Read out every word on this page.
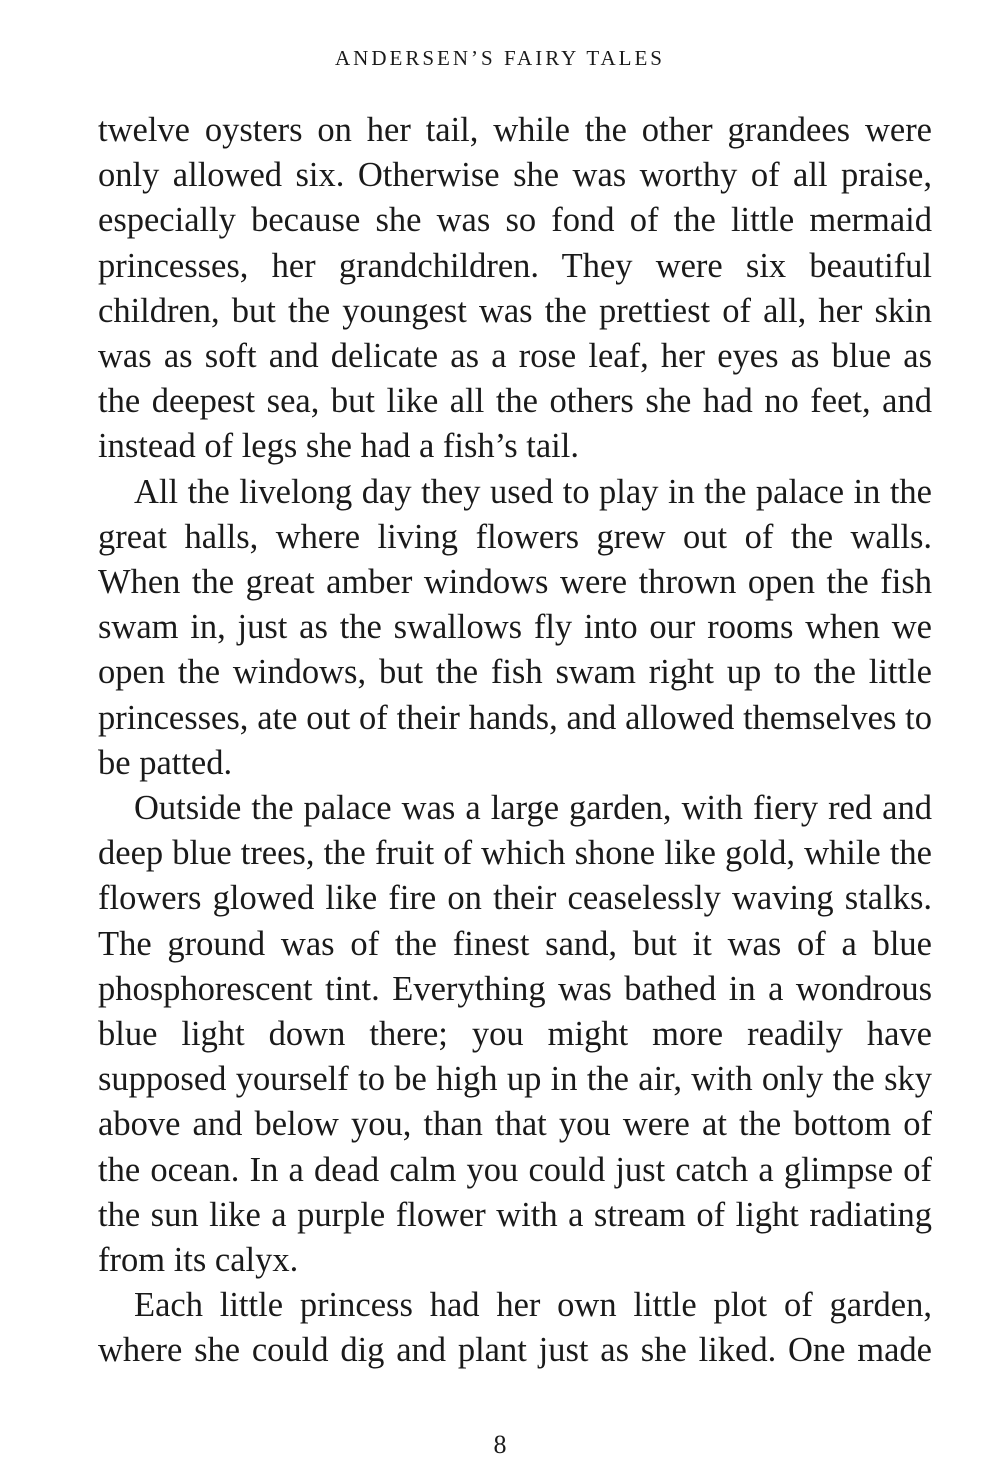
ANDERSEN’S FAIRY TALES

twelve oysters on her tail, while the other grandees were only allowed six. Otherwise she was worthy of all praise, especially because she was so fond of the little mermaid princesses, her grandchildren. They were six beautiful children, but the youngest was the prettiest of all, her skin was as soft and delicate as a rose leaf, her eyes as blue as the deepest sea, but like all the others she had no feet, and instead of legs she had a fish’s tail.

All the livelong day they used to play in the palace in the great halls, where living flowers grew out of the walls. When the great amber windows were thrown open the fish swam in, just as the swallows fly into our rooms when we open the windows, but the fish swam right up to the little princesses, ate out of their hands, and allowed themselves to be patted.

Outside the palace was a large garden, with fiery red and deep blue trees, the fruit of which shone like gold, while the flowers glowed like fire on their ceaselessly waving stalks. The ground was of the finest sand, but it was of a blue phosphorescent tint. Everything was bathed in a wondrous blue light down there; you might more readily have supposed yourself to be high up in the air, with only the sky above and below you, than that you were at the bottom of the ocean. In a dead calm you could just catch a glimpse of the sun like a purple flower with a stream of light radiating from its calyx.

Each little princess had her own little plot of garden, where she could dig and plant just as she liked. One made

8
